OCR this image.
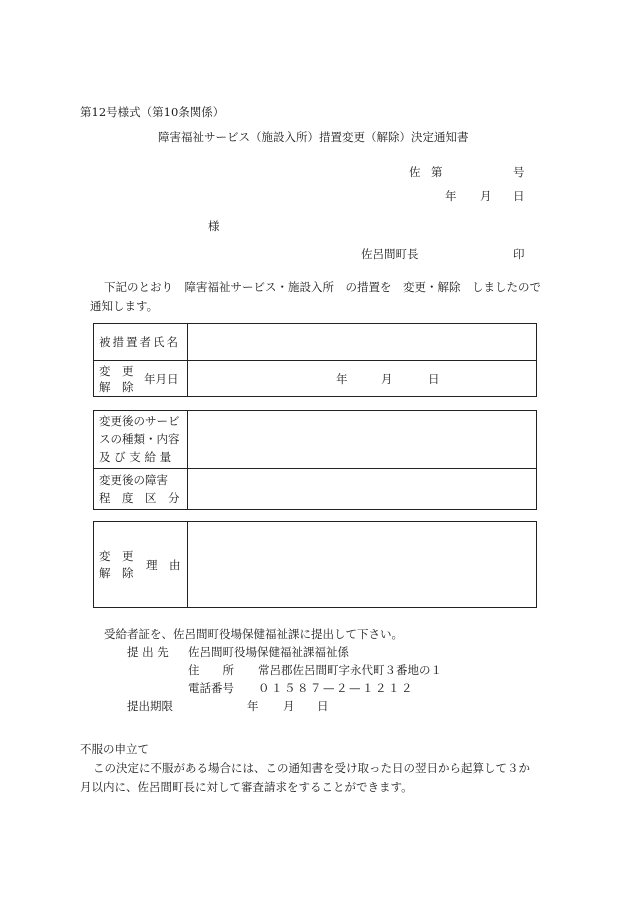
第12号様式（第10条関係）
障害福祉サービス（施設入所）措置変更（解除）決定通知書
佐 第	号
年 月 日
様
佐呂間町長	印
下記のとおり　障害福祉サービス・施設入所　の措置を　変更・解除　しましたので
通知します。
被措置者氏名
変　更
解　除
年月日	年	月	日
変更後のサービ
スの種類・内容
及 び 支 給 量
変更後の障害
程　度　区　分
変　更
解　除
理　由
受給者証を、佐呂間町役場保健福祉課に提出して下さい。
提 出 先 佐呂間町役場保健福祉課福祉係
住　　所 常呂郡佐呂間町字永代町３番地の１
電話番号 ０１５８７—２—１２１２
提出期限	年 月 日
不服の申立て
この決定に不服がある場合には、この通知書を受け取った日の翌日から起算して３か
月以内に、佐呂間町長に対して審査請求をすることができます。
